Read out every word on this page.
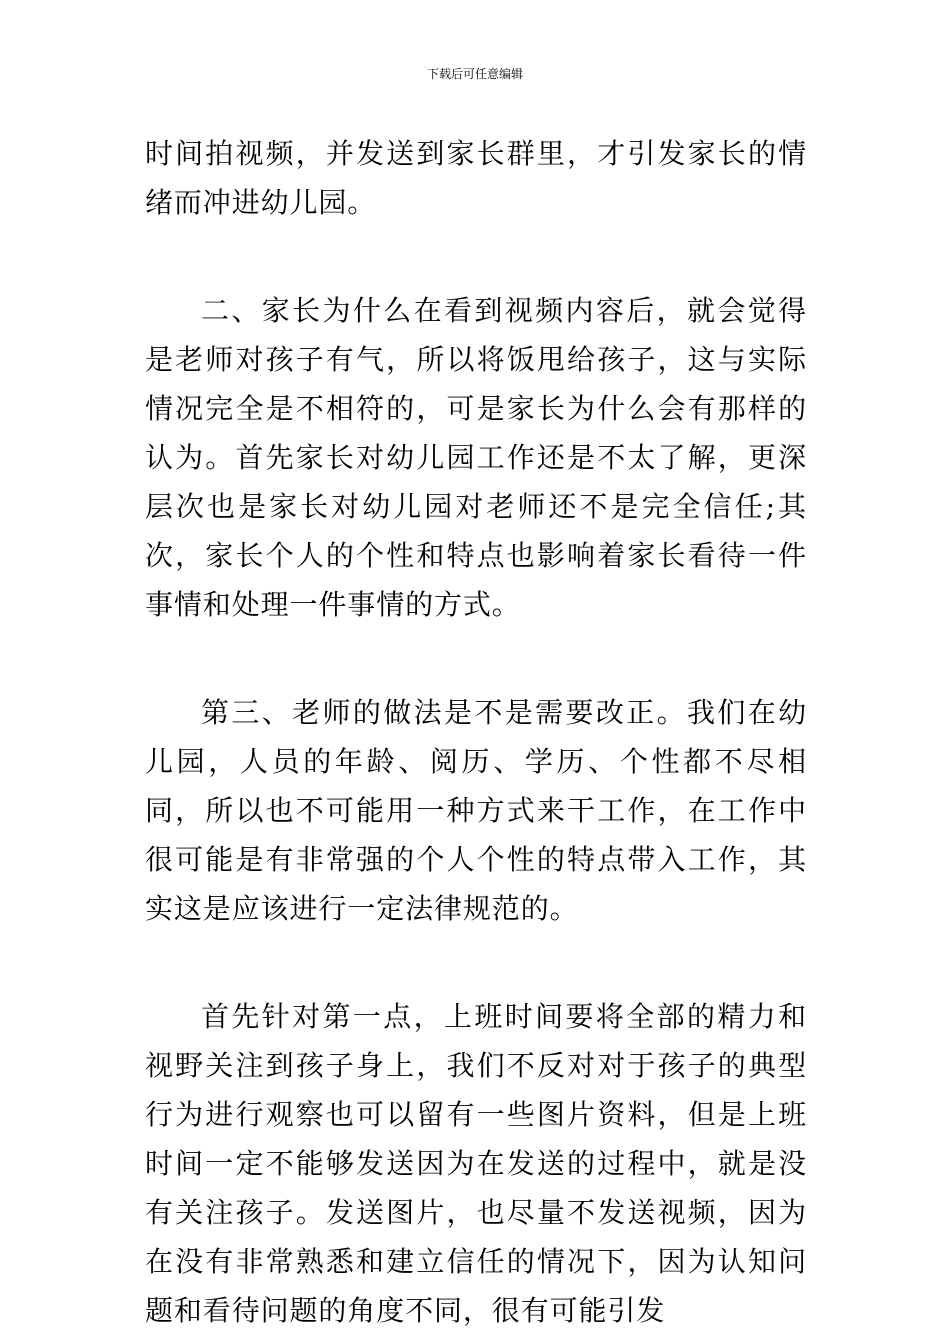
下载后可任意编辑

时间拍视频，并发送到家长群里，才引发家长的情绪而冲进幼儿园。

二、家长为什么在看到视频内容后，就会觉得是老师对孩子有气，所以将饭甩给孩子，这与实际情况完全是不相符的，可是家长为什么会有那样的认为。首先家长对幼儿园工作还是不太了解，更深层次也是家长对幼儿园对老师还不是完全信任;其次，家长个人的个性和特点也影响着家长看待一件事情和处理一件事情的方式。

第三、老师的做法是不是需要改正。我们在幼儿园，人员的年龄、阅历、学历、个性都不尽相同，所以也不可能用一种方式来干工作，在工作中很可能是有非常强的个人个性的特点带入工作，其实这是应该进行一定法律规范的。

首先针对第一点，上班时间要将全部的精力和视野关注到孩子身上，我们不反对对于孩子的典型行为进行观察也可以留有一些图片资料，但是上班时间一定不能够发送因为在发送的过程中，就是没有关注孩子。发送图片，也尽量不发送视频，因为在没有非常熟悉和建立信任的情况下，因为认知问题和看待问题的角度不同，很有可能引发
